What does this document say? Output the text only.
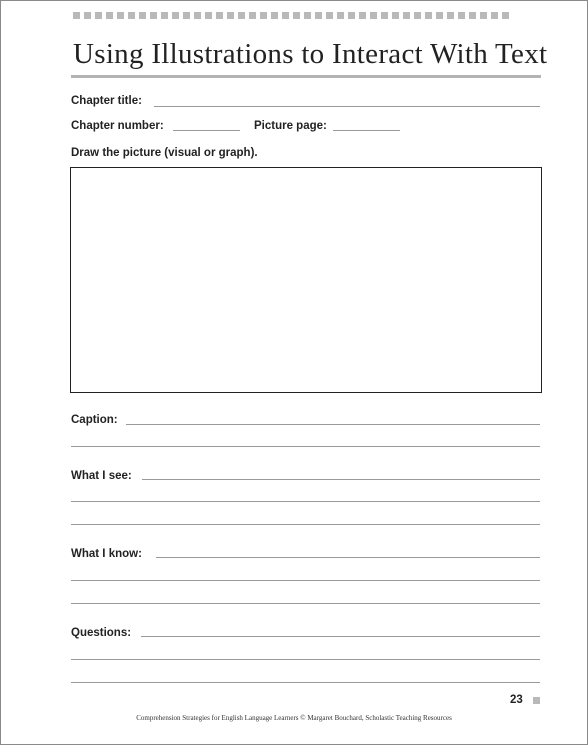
Using Illustrations to Interact With Text
Chapter title:
Chapter number:	Picture page:
Draw the picture (visual or graph).
Caption:
What I see:
What I know:
Questions:
23
Comprehension Strategies for English Language Learners © Margaret Bouchard, Scholastic Teaching Resources
